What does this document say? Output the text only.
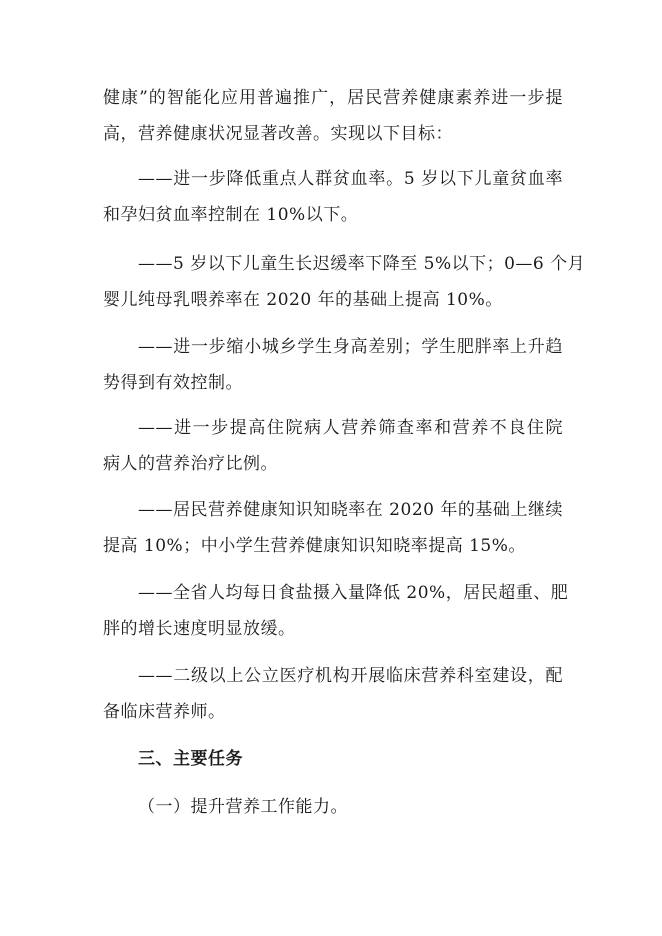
健康”的智能化应用普遍推广，居民营养健康素养进一步提
高，营养健康状况显著改善。实现以下目标：
——进一步降低重点人群贫血率。5 岁以下儿童贫血率
和孕妇贫血率控制在 10%以下。
——5 岁以下儿童生长迟缓率下降至 5%以下；0—6 个月
婴儿纯母乳喂养率在 2020 年的基础上提高 10%。
——进一步缩小城乡学生身高差别；学生肥胖率上升趋
势得到有效控制。
——进一步提高住院病人营养筛查率和营养不良住院
病人的营养治疗比例。
——居民营养健康知识知晓率在 2020 年的基础上继续
提高 10%；中小学生营养健康知识知晓率提高 15%。
——全省人均每日食盐摄入量降低 20%，居民超重、肥
胖的增长速度明显放缓。
——二级以上公立医疗机构开展临床营养科室建设，配
备临床营养师。
三、主要任务
（一）提升营养工作能力。
